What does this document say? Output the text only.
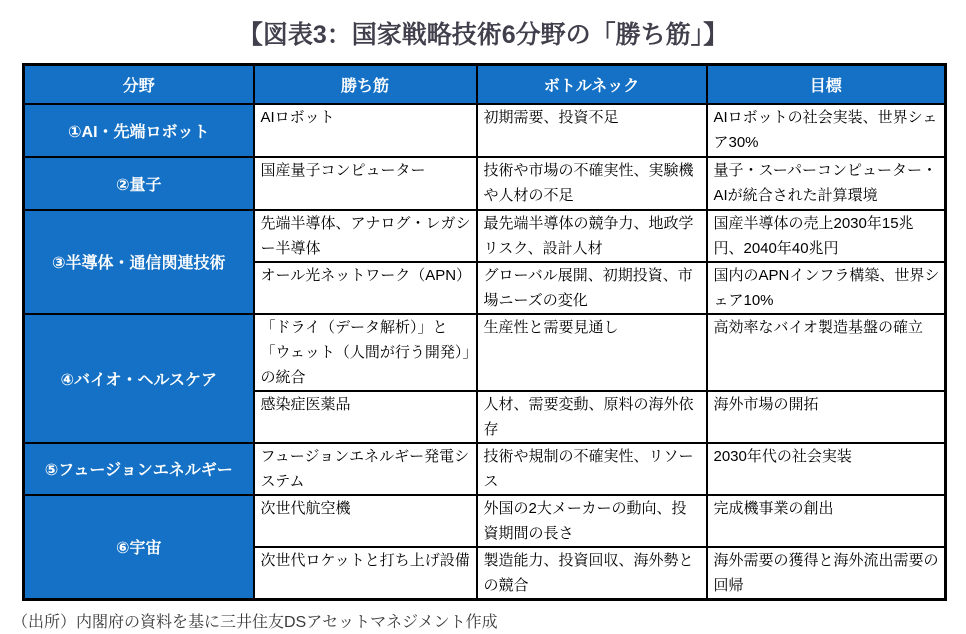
【図表3：国家戦略技術6分野の「勝ち筋」】
分野	勝ち筋	ボトルネック	目標
①AI・先端ロボット	AIロボット	初期需要、投資不足	AIロボットの社会実装、世界シェア30%
②量子	国産量子コンピューター	技術や市場の不確実性、実験機や人材の不足	量子・スーパーコンピューター・AIが統合された計算環境
③半導体・通信関連技術	先端半導体、アナログ・レガシー半導体	最先端半導体の競争力、地政学リスク、設計人材	国産半導体の売上2030年15兆円、2040年40兆円
	オール光ネットワーク（APN）	グローバル展開、初期投資、市場ニーズの変化	国内のAPNインフラ構築、世界シェア10%
④バイオ・ヘルスケア	「ドライ（データ解析）」と「ウェット（人間が行う開発）」の統合	生産性と需要見通し	高効率なバイオ製造基盤の確立
	感染症医薬品	人材、需要変動、原料の海外依存	海外市場の開拓
⑤フュージョンエネルギー	フュージョンエネルギー発電システム	技術や規制の不確実性、リソース	2030年代の社会実装
⑥宇宙	次世代航空機	外国の2大メーカーの動向、投資期間の長さ	完成機事業の創出
	次世代ロケットと打ち上げ設備	製造能力、投資回収、海外勢との競合	海外需要の獲得と海外流出需要の回帰
（出所）内閣府の資料を基に三井住友DSアセットマネジメント作成
